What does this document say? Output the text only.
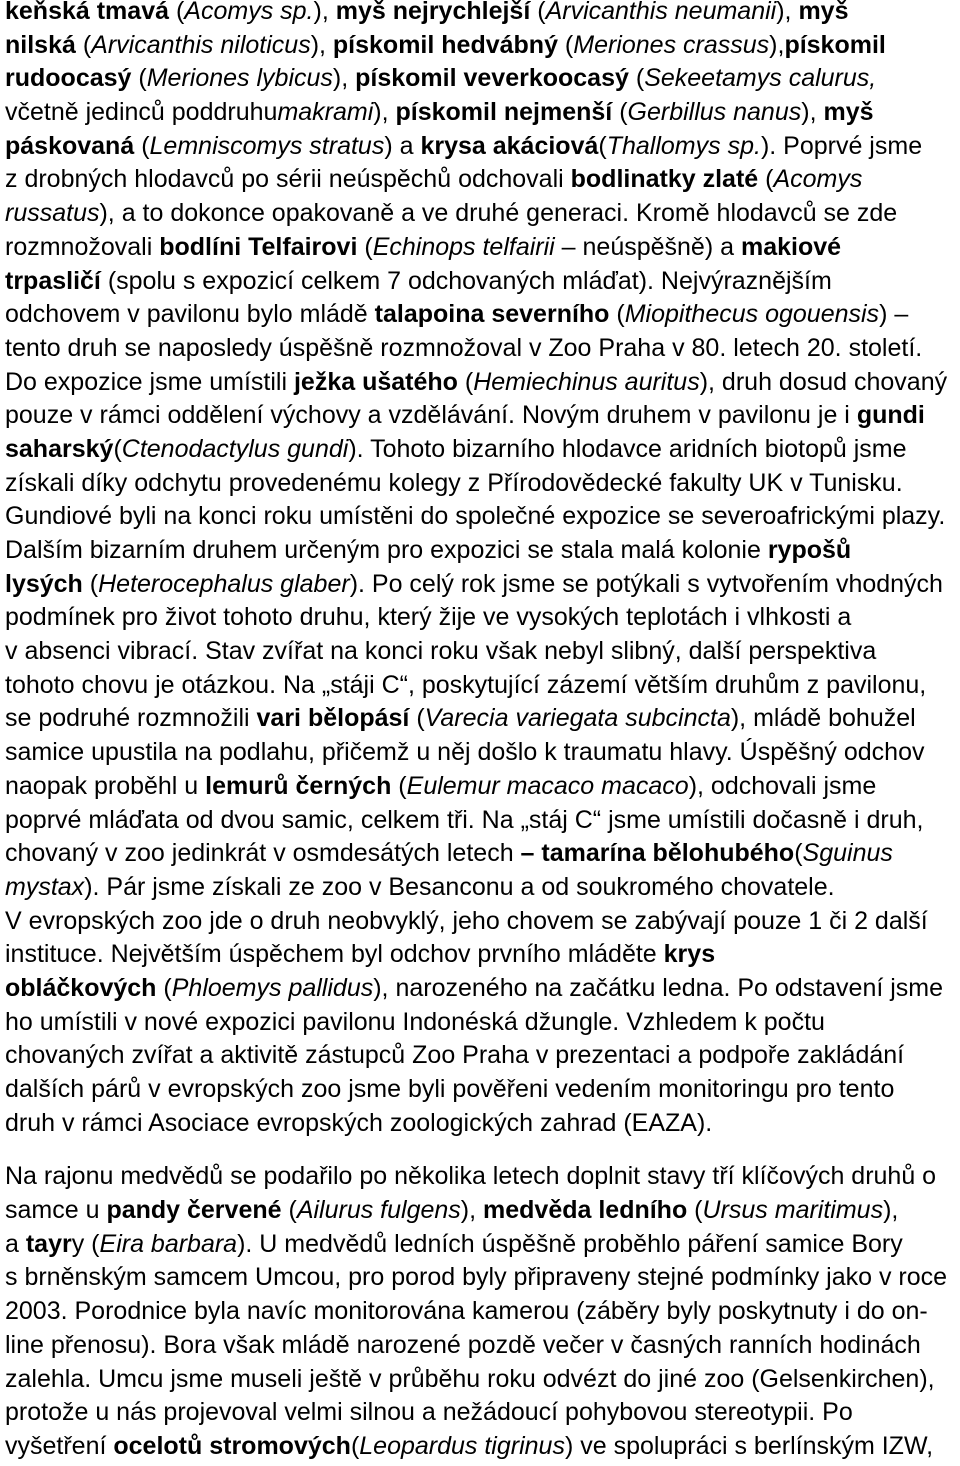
keňská tmavá (Acomys sp.), myš nejrychlejší (Arvicanthis neumanii), myš
nilská (Arvicanthis niloticus), pískomil hedvábný (Meriones crassus),pískomil
rudoocasý (Meriones lybicus), pískomil veverkoocasý (Sekeetamys calurus,
včetně jedinců poddruhumakrami), pískomil nejmenší (Gerbillus nanus), myš
páskovaná (Lemniscomys stratus) a krysa akáciová(Thallomys sp.). Poprvé jsme
z drobných hlodavců po sérii neúspěchů odchovali bodlinatky zlaté (Acomys
russatus), a to dokonce opakovaně a ve druhé generaci. Kromě hlodavců se zde
rozmnožovali bodlíni Telfairovi (Echinops telfairii – neúspěšně) a makiové
trpasličí (spolu s expozicí celkem 7 odchovaných mláďat). Nejvýraznějším
odchovem v pavilonu bylo mládě talapoina severního (Miopithecus ogouensis) –
tento druh se naposledy úspěšně rozmnožoval v Zoo Praha v 80. letech 20. století.
Do expozice jsme umístili ježka ušatého (Hemiechinus auritus), druh dosud chovaný
pouze v rámci oddělení výchovy a vzdělávání. Novým druhem v pavilonu je i gundi
saharský(Ctenodactylus gundi). Tohoto bizarního hlodavce aridních biotopů jsme
získali díky odchytu provedenému kolegy z Přírodovědecké fakulty UK v Tunisku.
Gundiové byli na konci roku umístěni do společné expozice se severoafrickými plazy.
Dalším bizarním druhem určeným pro expozici se stala malá kolonie rypošů
lysých (Heterocephalus glaber). Po celý rok jsme se potýkali s vytvořením vhodných
podmínek pro život tohoto druhu, který žije ve vysokých teplotách i vlhkosti a
v absenci vibrací. Stav zvířat na konci roku však nebyl slibný, další perspektiva
tohoto chovu je otázkou. Na „stáji C“, poskytující zázemí větším druhům z pavilonu,
se podruhé rozmnožili vari bělopásí (Varecia variegata subcincta), mládě bohužel
samice upustila na podlahu, přičemž u něj došlo k traumatu hlavy. Úspěšný odchov
naopak proběhl u lemurů černých (Eulemur macaco macaco), odchovali jsme
poprvé mláďata od dvou samic, celkem tři. Na „stáj C“ jsme umístili dočasně i druh,
chovaný v zoo jedinkrát v osmdesátých letech – tamarína bělohubého(Sguinus
mystax). Pár jsme získali ze zoo v Besanconu a od soukromého chovatele.
V evropských zoo jde o druh neobvyklý, jeho chovem se zabývají pouze 1 či 2 další
instituce. Největším úspěchem byl odchov prvního mláděte krys
obláčkových (Phloemys pallidus), narozeného na začátku ledna. Po odstavení jsme
ho umístili v nové expozici pavilonu Indonéská džungle. Vzhledem k počtu
chovaných zvířat a aktivitě zástupců Zoo Praha v prezentaci a podpoře zakládání
dalších párů v evropských zoo jsme byli pověřeni vedením monitoringu pro tento
druh v rámci Asociace evropských zoologických zahrad (EAZA).
Na rajonu medvědů se podařilo po několika letech doplnit stavy tří klíčových druhů o
samce u pandy červené (Ailurus fulgens), medvěda ledního (Ursus maritimus),
a tayry (Eira barbara). U medvědů ledních úspěšně proběhlo páření samice Bory
s brněnským samcem Umcou, pro porod byly připraveny stejné podmínky jako v roce
2003. Porodnice byla navíc monitorována kamerou (záběry byly poskytnuty i do on-
line přenosu). Bora však mládě narozené pozdě večer v časných ranních hodinách
zalehla. Umcu jsme museli ještě v průběhu roku odvézt do jiné zoo (Gelsenkirchen),
protože u nás projevoval velmi silnou a nežádoucí pohybovou stereotypii. Po
vyšetření ocelotů stromových(Leopardus tigrinus) ve spolupráci s berlínským IZW,
